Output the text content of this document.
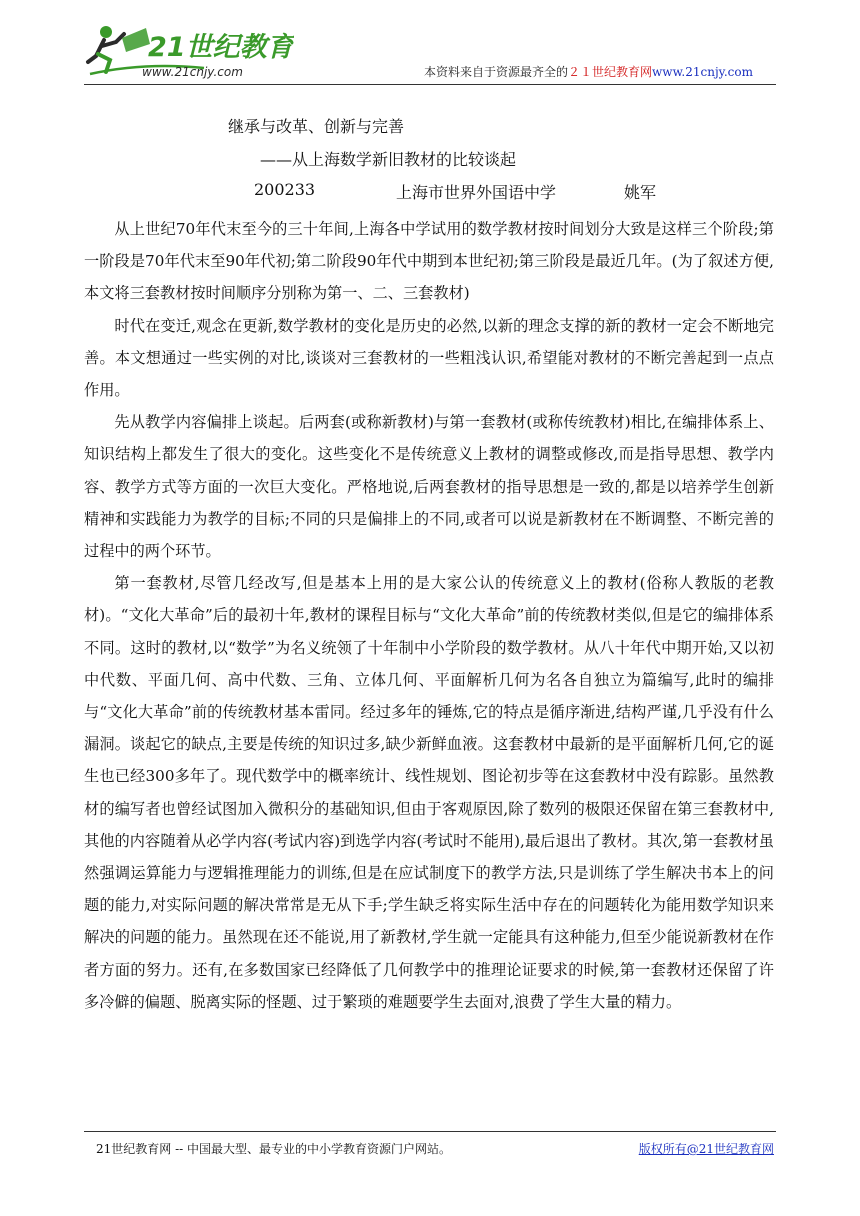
21世纪教育
www.21cnjy.com	本资料来自于资源最齐全的２１世纪教育网www.21cnjy.com
继承与改革、创新与完善
——从上海数学新旧教材的比较谈起
200233	上海市世界外国语中学	姚军

从上世纪70年代末至今的三十年间,上海各中学试用的数学教材按时间划分大致是这样三个阶段;第一阶段是70年代末至90年代初;第二阶段90年代中期到本世纪初;第三阶段是最近几年。(为了叙述方便,本文将三套教材按时间顺序分别称为第一、二、三套教材)

时代在变迁,观念在更新,数学教材的变化是历史的必然,以新的理念支撑的新的教材一定会不断地完善。本文想通过一些实例的对比,谈谈对三套教材的一些粗浅认识,希望能对教材的不断完善起到一点点作用。

先从教学内容偏排上谈起。后两套(或称新教材)与第一套教材(或称传统教材)相比,在编排体系上、知识结构上都发生了很大的变化。这些变化不是传统意义上教材的调整或修改,而是指导思想、教学内容、教学方式等方面的一次巨大变化。严格地说,后两套教材的指导思想是一致的,都是以培养学生创新精神和实践能力为教学的目标;不同的只是偏排上的不同,或者可以说是新教材在不断调整、不断完善的过程中的两个环节。

第一套教材,尽管几经改写,但是基本上用的是大家公认的传统意义上的教材(俗称人教版的老教材)。“文化大革命”后的最初十年,教材的课程目标与“文化大革命”前的传统教材类似,但是它的编排体系不同。这时的教材,以“数学”为名义统领了十年制中小学阶段的数学教材。从八十年代中期开始,又以初中代数、平面几何、高中代数、三角、立体几何、平面解析几何为名各自独立为篇编写,此时的编排与“文化大革命”前的传统教材基本雷同。经过多年的锤炼,它的特点是循序渐进,结构严谨,几乎没有什么漏洞。谈起它的缺点,主要是传统的知识过多,缺少新鲜血液。这套教材中最新的是平面解析几何,它的诞生也已经300多年了。现代数学中的概率统计、线性规划、图论初步等在这套教材中没有踪影。虽然教材的编写者也曾经试图加入微积分的基础知识,但由于客观原因,除了数列的极限还保留在第三套教材中,其他的内容随着从必学内容(考试内容)到选学内容(考试时不能用),最后退出了教材。其次,第一套教材虽然强调运算能力与逻辑推理能力的训练,但是在应试制度下的教学方法,只是训练了学生解决书本上的问题的能力,对实际问题的解决常常是无从下手;学生缺乏将实际生活中存在的问题转化为能用数学知识来解决的问题的能力。虽然现在还不能说,用了新教材,学生就一定能具有这种能力,但至少能说新教材在作者方面的努力。还有,在多数国家已经降低了几何教学中的推理论证要求的时候,第一套教材还保留了许多冷僻的偏题、脱离实际的怪题、过于繁琐的难题要学生去面对,浪费了学生大量的精力。

21世纪教育网 -- 中国最大型、最专业的中小学教育资源门户网站。	版权所有@21世纪教育网
